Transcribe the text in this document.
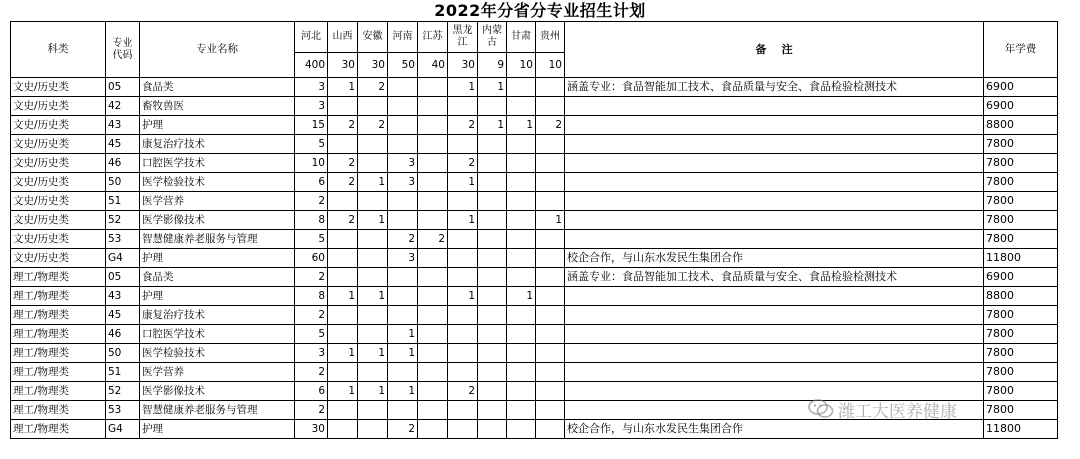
2022年分省分专业招生计划
科类	专业代码	专业名称	河北	山西	安徽	河南	江苏	黑龙江	内蒙古	甘肃	贵州	备    注	年学费
			400	30	30	50	40	30	9	10	10		
文史/历史类	05	食品类	3	1	2			1	1			涵盖专业：食品智能加工技术、食品质量与安全、食品检验检测技术	6900
文史/历史类	42	畜牧兽医	3										6900
文史/历史类	43	护理	15	2	2			2	1	1	2		8800
文史/历史类	45	康复治疗技术	5										7800
文史/历史类	46	口腔医学技术	10	2		3		2					7800
文史/历史类	50	医学检验技术	6	2	1	3		1					7800
文史/历史类	51	医学营养	2										7800
文史/历史类	52	医学影像技术	8	2	1			1			1		7800
文史/历史类	53	智慧健康养老服务与管理	5			2	2						7800
文史/历史类	G4	护理	60			3						校企合作，与山东水发民生集团合作	11800
理工/物理类	05	食品类	2									涵盖专业：食品智能加工技术、食品质量与安全、食品检验检测技术	6900
理工/物理类	43	护理	8	1	1			1		1			8800
理工/物理类	45	康复治疗技术	2										7800
理工/物理类	46	口腔医学技术	5			1							7800
理工/物理类	50	医学检验技术	3	1	1	1							7800
理工/物理类	51	医学营养	2										7800
理工/物理类	52	医学影像技术	6	1	1	1		2					7800
理工/物理类	53	智慧健康养老服务与管理	2										7800
理工/物理类	G4	护理	30			2						校企合作，与山东水发民生集团合作	11800
潍工大医养健康
